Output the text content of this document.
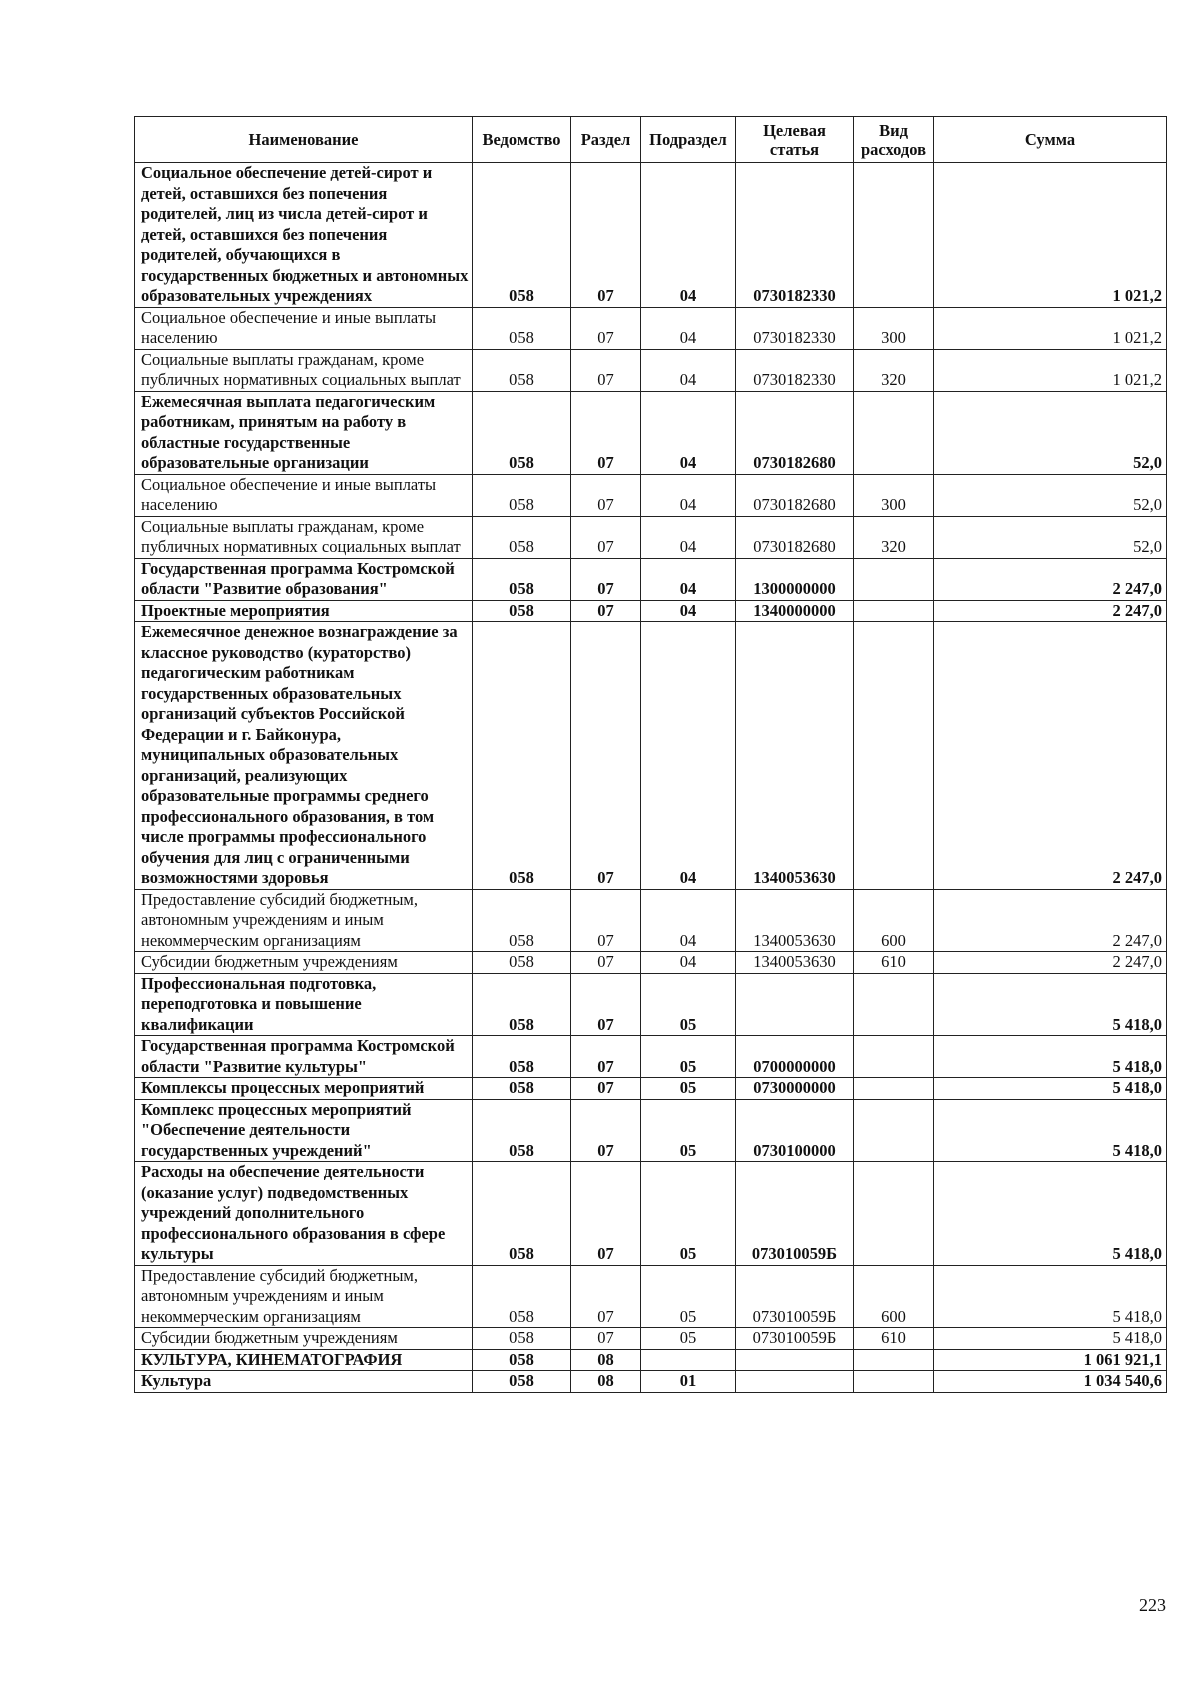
Наименование	Ведомство	Раздел	Подраздел	Целевая статья	Вид расходов	Сумма
Социальное обеспечение детей-сирот и детей, оставшихся без попечения родителей, лиц из числа детей-сирот и детей, оставшихся без попечения родителей, обучающихся в государственных бюджетных и автономных образовательных учреждениях	058	07	04	0730182330		1 021,2
Социальное обеспечение и иные выплаты населению	058	07	04	0730182330	300	1 021,2
Социальные выплаты гражданам, кроме публичных нормативных социальных выплат	058	07	04	0730182330	320	1 021,2
Ежемесячная выплата педагогическим работникам, принятым на работу в областные государственные образовательные организации	058	07	04	0730182680		52,0
Социальное обеспечение и иные выплаты населению	058	07	04	0730182680	300	52,0
Социальные выплаты гражданам, кроме публичных нормативных социальных выплат	058	07	04	0730182680	320	52,0
Государственная программа Костромской области "Развитие образования"	058	07	04	1300000000		2 247,0
Проектные мероприятия	058	07	04	1340000000		2 247,0
Ежемесячное денежное вознаграждение за классное руководство (кураторство) педагогическим работникам государственных образовательных организаций субъектов Российской Федерации и г. Байконура, муниципальных образовательных организаций, реализующих образовательные программы среднего профессионального образования, в том числе программы профессионального обучения для лиц с ограниченными возможностями здоровья	058	07	04	1340053630		2 247,0
Предоставление субсидий бюджетным, автономным учреждениям и иным некоммерческим организациям	058	07	04	1340053630	600	2 247,0
Субсидии бюджетным учреждениям	058	07	04	1340053630	610	2 247,0
Профессиональная подготовка, переподготовка и повышение квалификации	058	07	05			5 418,0
Государственная программа Костромской области "Развитие культуры"	058	07	05	0700000000		5 418,0
Комплексы процессных мероприятий	058	07	05	0730000000		5 418,0
Комплекс процессных мероприятий "Обеспечение деятельности государственных учреждений"	058	07	05	0730100000		5 418,0
Расходы на обеспечение деятельности (оказание услуг) подведомственных учреждений дополнительного профессионального образования в сфере культуры	058	07	05	073010059Б		5 418,0
Предоставление субсидий бюджетным, автономным учреждениям и иным некоммерческим организациям	058	07	05	073010059Б	600	5 418,0
Субсидии бюджетным учреждениям	058	07	05	073010059Б	610	5 418,0
КУЛЬТУРА, КИНЕМАТОГРАФИЯ	058	08				1 061 921,1
Культура	058	08	01			1 034 540,6
223
